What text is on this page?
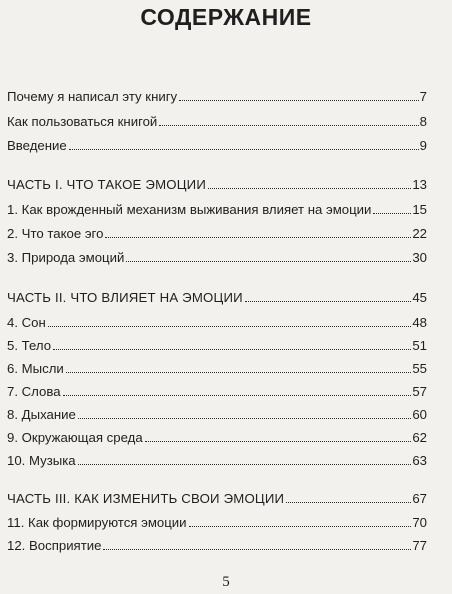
СОДЕРЖАНИЕ
Почему я написал эту книгу	7
Как пользоваться книгой	8
Введение	9
ЧАСТЬ I. ЧТО ТАКОЕ ЭМОЦИИ	13
1. Как врожденный механизм выживания влияет на эмоции	15
2. Что такое эго	22
3. Природа эмоций	30
ЧАСТЬ II. ЧТО ВЛИЯЕТ НА ЭМОЦИИ	45
4. Сон	48
5. Тело	51
6. Мысли	55
7. Слова	57
8. Дыхание	60
9. Окружающая среда	62
10. Музыка	63
ЧАСТЬ III. КАК ИЗМЕНИТЬ СВОИ ЭМОЦИИ	67
11. Как формируются эмоции	70
12. Восприятие	77
5
